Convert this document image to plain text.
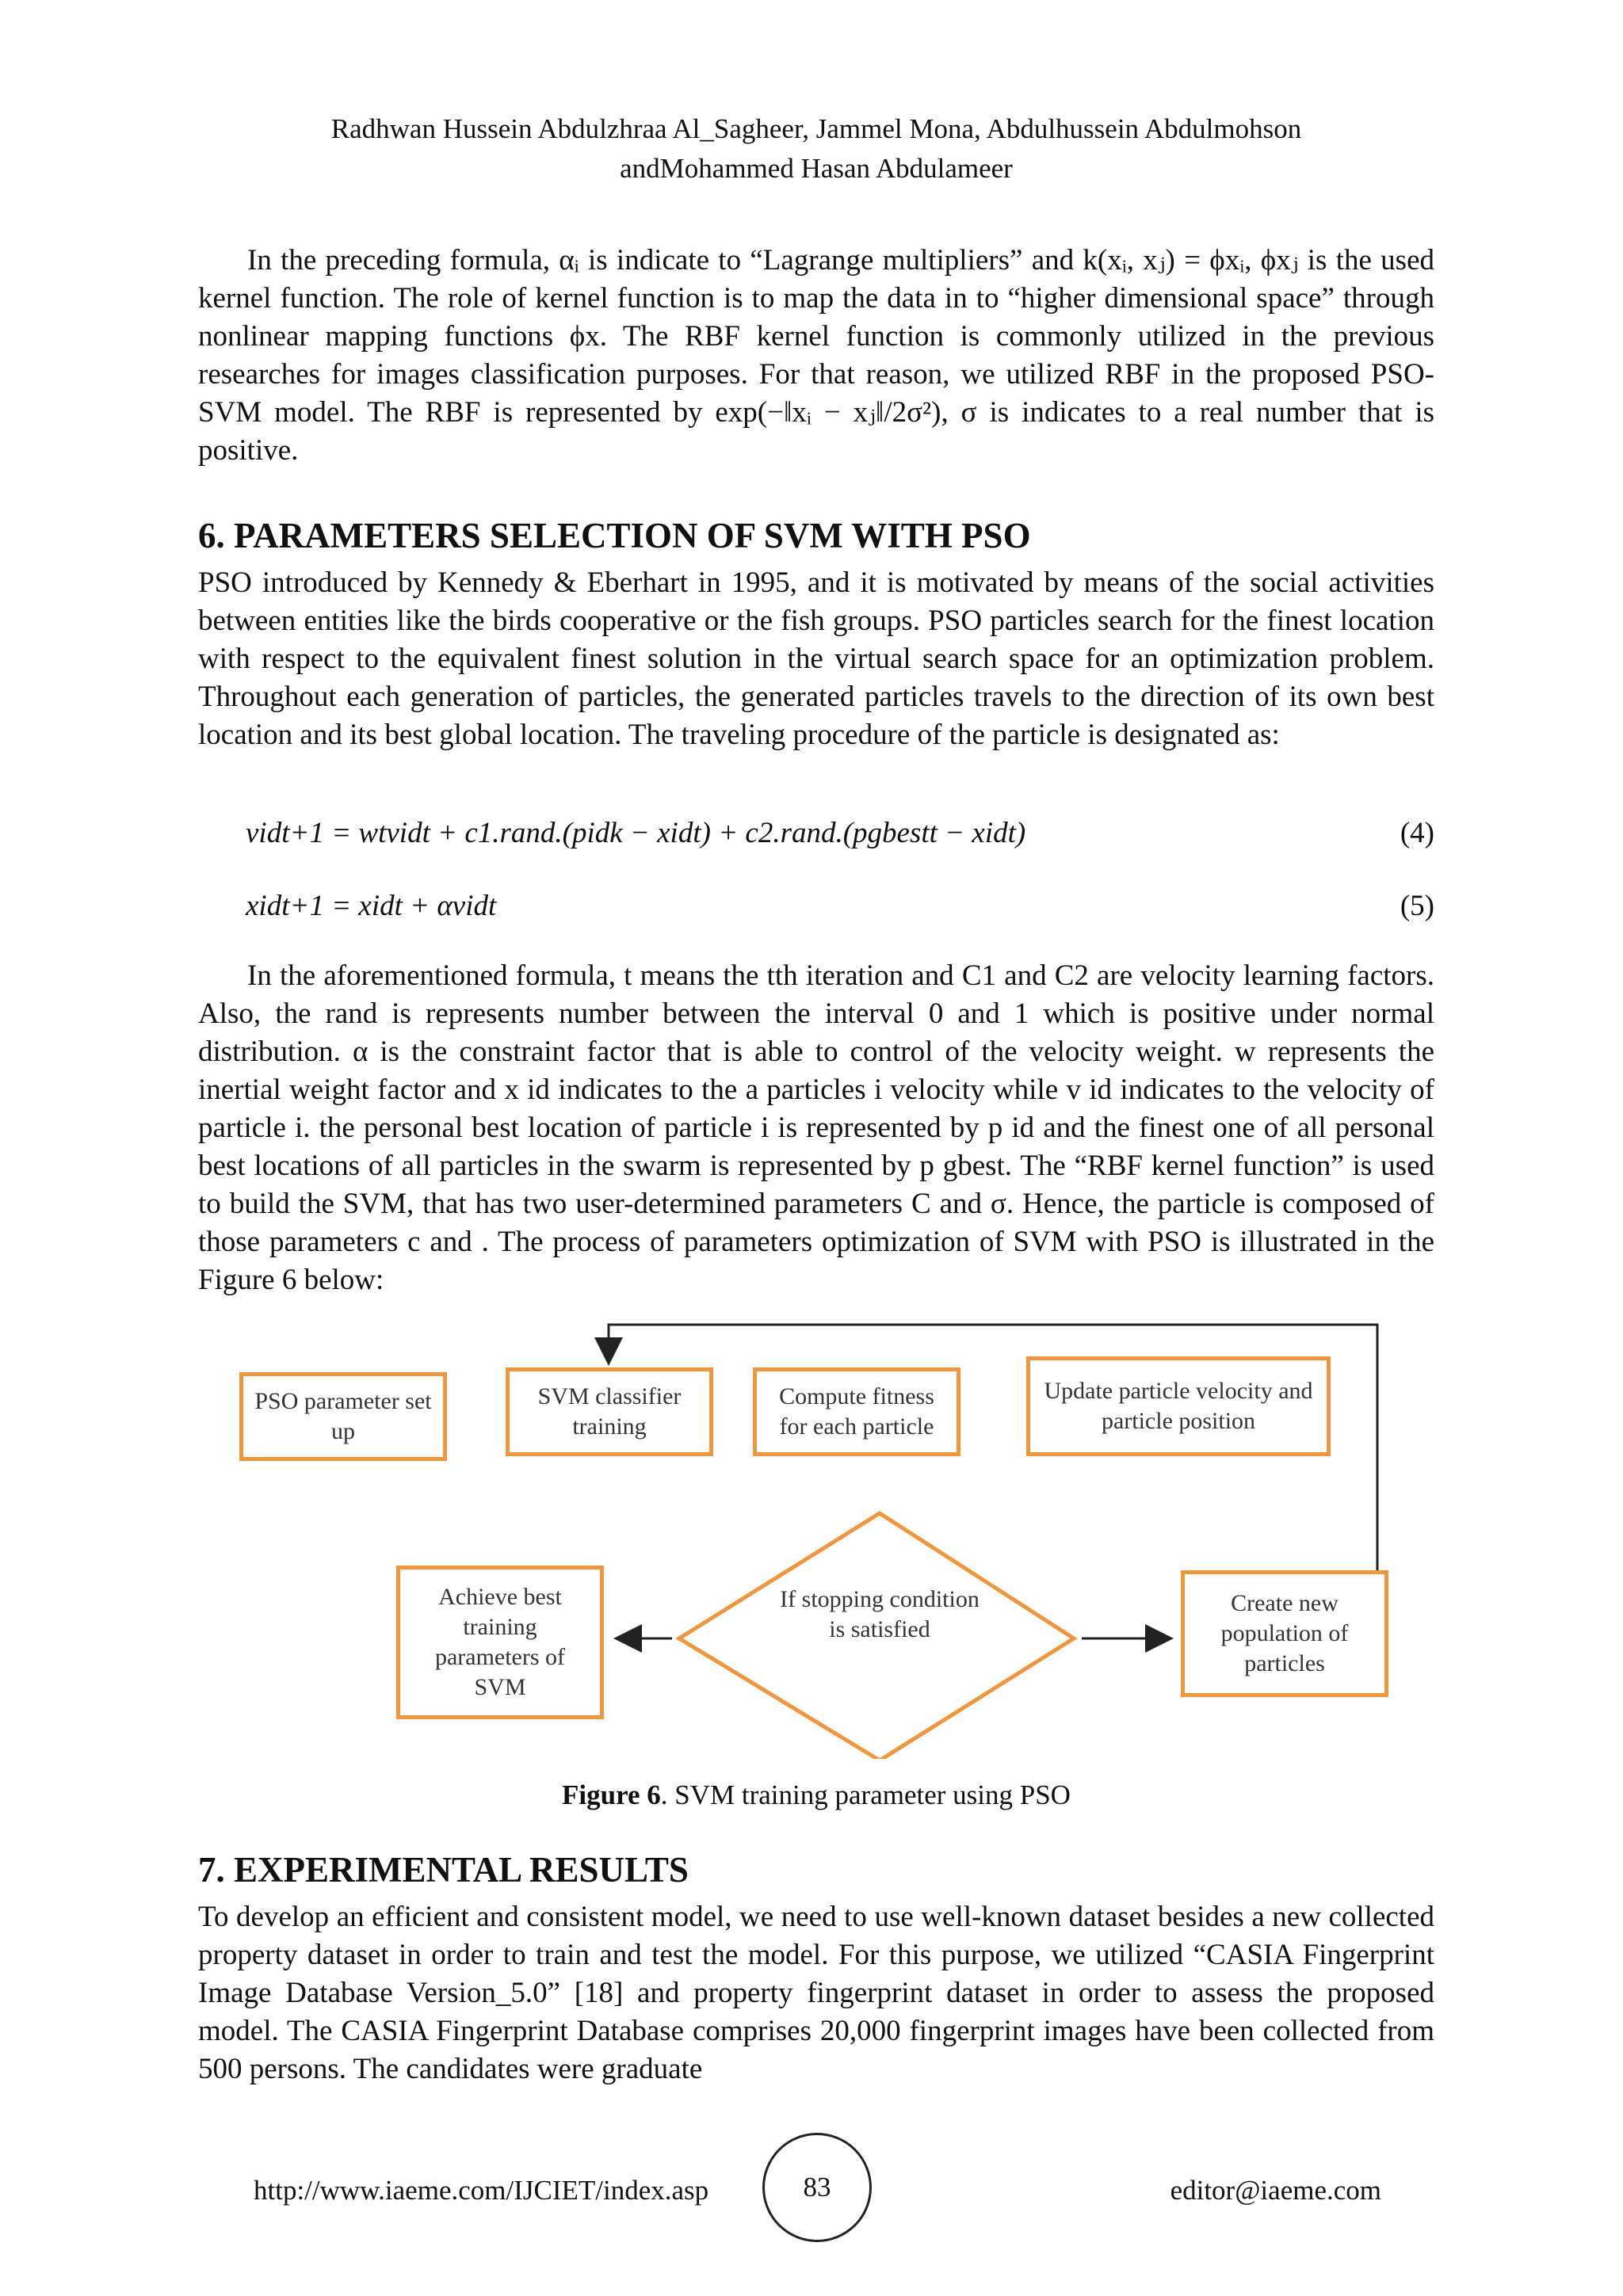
Radhwan Hussein Abdulzhraa Al_Sagheer, Jammel Mona, Abdulhussein Abdulmohson
andMohammed Hasan Abdulameer
In the preceding formula, αᵢ is indicate to “Lagrange multipliers” and k(xᵢ, xⱼ) = ϕxᵢ, ϕxⱼ is the used kernel function. The role of kernel function is to map the data in to “higher dimensional space” through nonlinear mapping functions ϕx. The RBF kernel function is commonly utilized in the previous researches for images classification purposes. For that reason, we utilized RBF in the proposed PSO-SVM model. The RBF is represented by exp(−‖xᵢ − xⱼ‖/2σ²), σ is indicates to a real number that is positive.
6. PARAMETERS SELECTION OF SVM WITH PSO
PSO introduced by Kennedy & Eberhart in 1995, and it is motivated by means of the social activities between entities like the birds cooperative or the fish groups. PSO particles search for the finest location with respect to the equivalent finest solution in the virtual search space for an optimization problem. Throughout each generation of particles, the generated particles travels to the direction of its own best location and its best global location. The traveling procedure of the particle is designated as:
vidt+1 = wtvidt + c1.rand.(pidk − xidt) + c2.rand.(pgbestt − xidt)	(4)
xidt+1 = xidt + αvidt	(5)
In the aforementioned formula, t means the tth iteration and C1 and C2 are velocity learning factors. Also, the rand is represents number between the interval 0 and 1 which is positive under normal distribution. α is the constraint factor that is able to control of the velocity weight. w represents the inertial weight factor and x id indicates to the a particles i velocity while v id indicates to the velocity of particle i. the personal best location of particle i is represented by p id and the finest one of all personal best locations of all particles in the swarm is represented by p gbest. The “RBF kernel function” is used to build the SVM, that has two user-determined parameters C and σ. Hence, the particle is composed of those parameters c and . The process of parameters optimization of SVM with PSO is illustrated in the Figure 6 below:
PSO parameter set up
SVM classifier training
Compute fitness for each particle
Update particle velocity and particle position
Achieve best training parameters of SVM
If stopping condition is satisfied
Create new population of particles
Figure 6. SVM training parameter using PSO
7. EXPERIMENTAL RESULTS
To develop an efficient and consistent model, we need to use well-known dataset besides a new collected property dataset in order to train and test the model. For this purpose, we utilized “CASIA Fingerprint Image Database Version_5.0” [18] and property fingerprint dataset in order to assess the proposed model. The CASIA Fingerprint Database comprises 20,000 fingerprint images have been collected from 500 persons. The candidates were graduate
http://www.iaeme.com/IJCIET/index.asp	83	editor@iaeme.com
